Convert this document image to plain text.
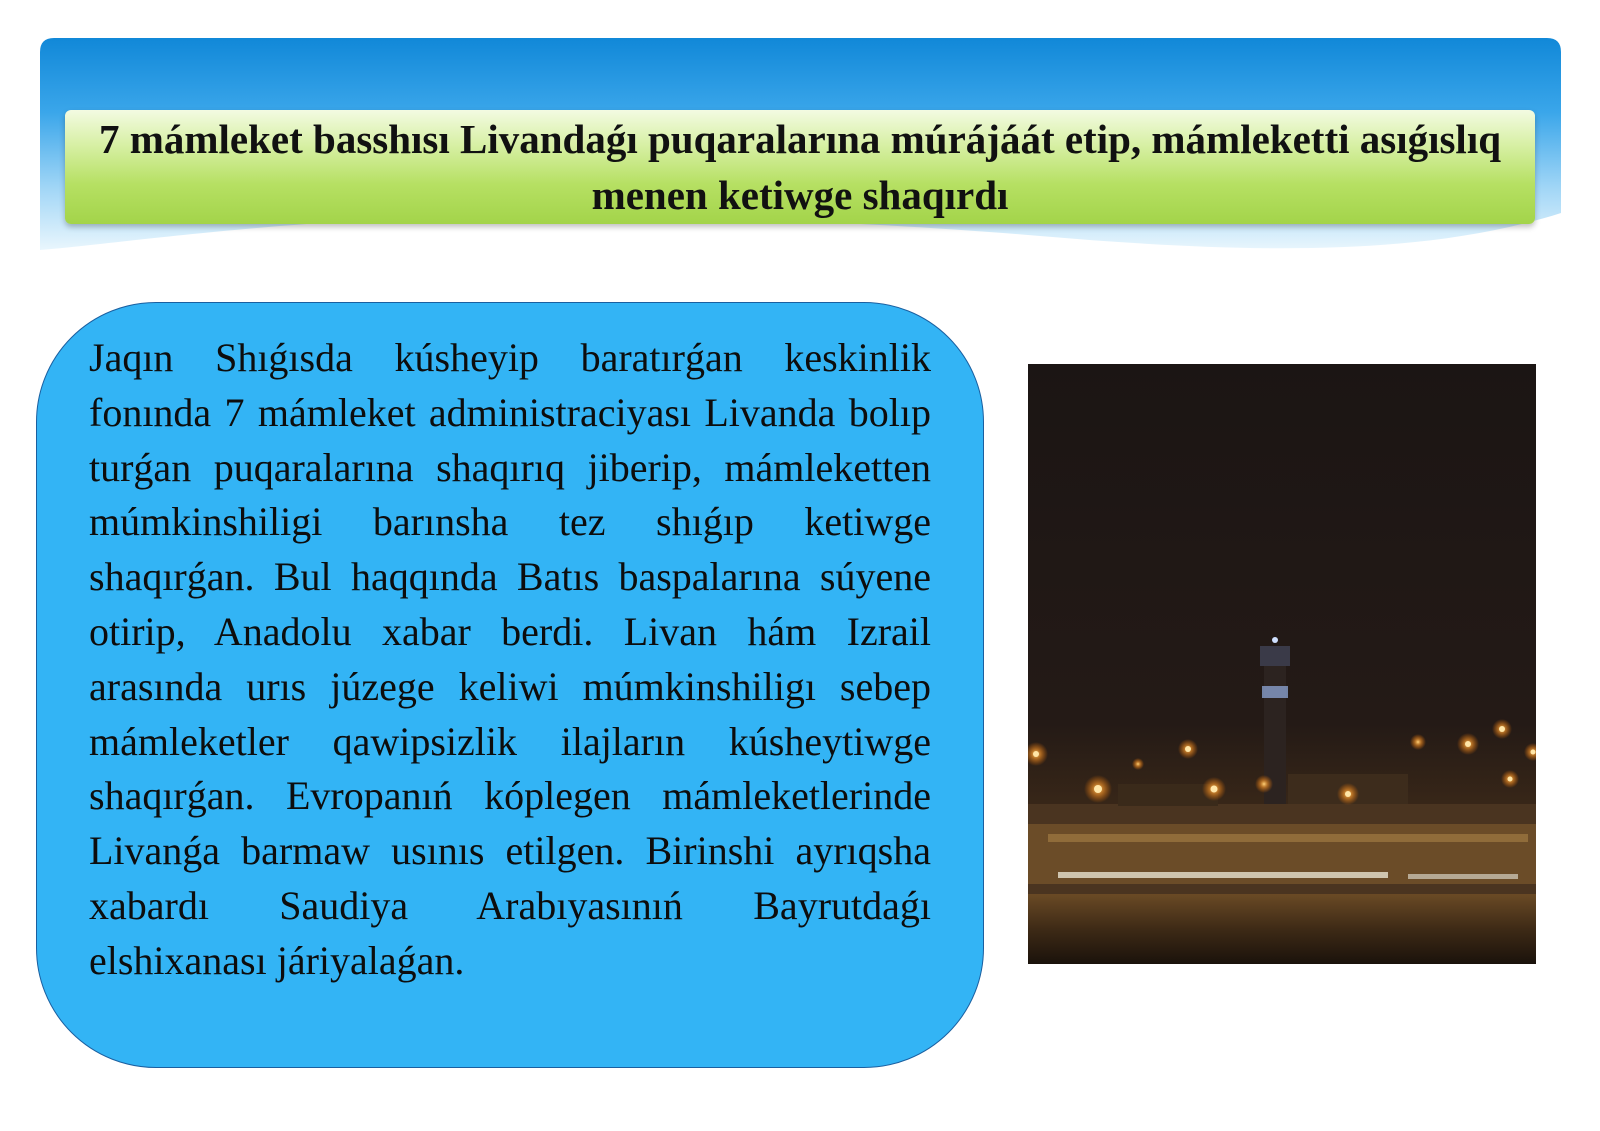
7 mámleket basshısı Livandaǵı puqaralarına múrájáát etip, mámleketti asıǵıslıq menen ketiwge shaqırdı

Jaqın Shıǵısda kúsheyip baratırǵan keskinlik fonında 7 mámleket administraciyası Livanda bolıp turǵan puqaralarına shaqırıq jiberip, mámleketten múmkinshiligi barınsha tez shıǵıp ketiwge shaqırǵan. Bul haqqında Batıs baspalarına súyene otirip, Anadolu xabar berdi. Livan hám Izrail arasında urıs júzege keliwi múmkinshiligı sebep mámleketler qawipsizlik ilajların kúsheytiwge shaqırǵan. Evropanıń kóplegen mámleketlerinde Livanǵa barmaw usınıs etilgen. Birinshi ayrıqsha xabardı Saudiya Arabıyasınıń Bayrutdaǵı elshixanası járiyalaǵan.
